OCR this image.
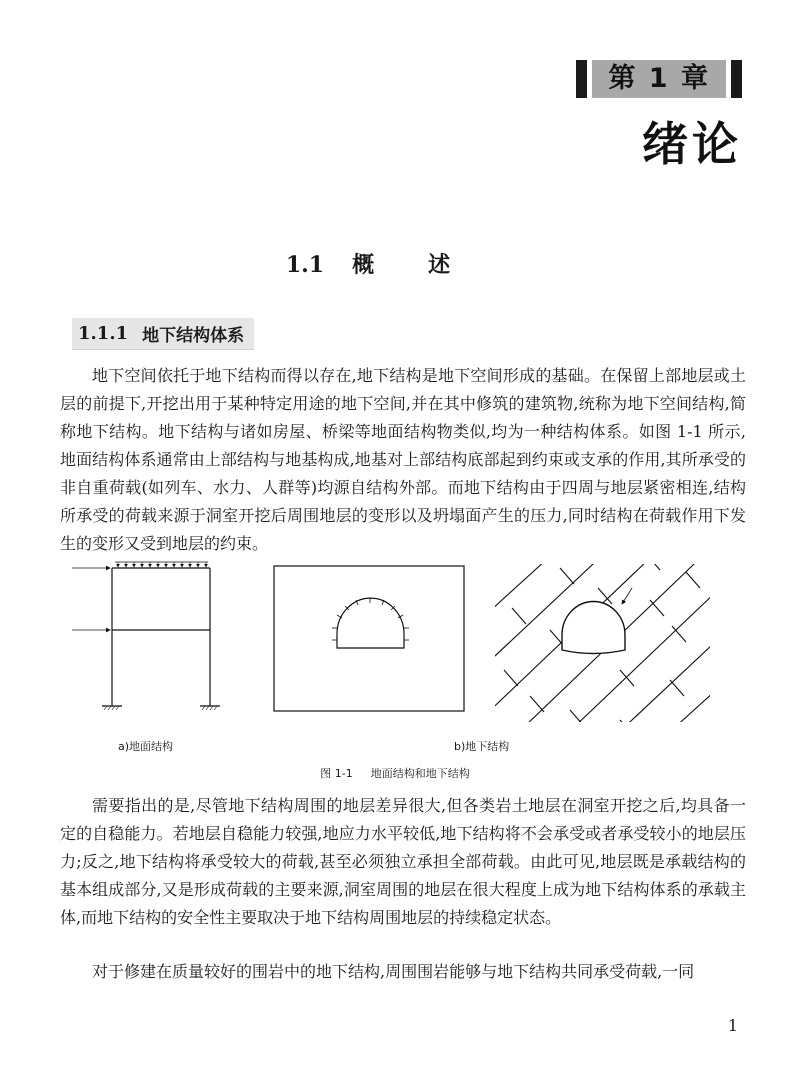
第 1 章
绪论
1.1 概述
1.1.1 地下结构体系

地下空间依托于地下结构而得以存在,地下结构是地下空间形成的基础。在保留上部地层或土层的前提下,开挖出用于某种特定用途的地下空间,并在其中修筑的建筑物,统称为地下空间结构,简称地下结构。地下结构与诸如房屋、桥梁等地面结构物类似,均为一种结构体系。如图 1-1 所示,地面结构体系通常由上部结构与地基构成,地基对上部结构底部起到约束或支承的作用,其所承受的非自重荷载(如列车、水力、人群等)均源自结构外部。而地下结构由于四周与地层紧密相连,结构所承受的荷载来源于洞室开挖后周围地层的变形以及坍塌面产生的压力,同时结构在荷载作用下发生的变形又受到地层的约束。

a)地面结构	b)地下结构
图 1-1 地面结构和地下结构

需要指出的是,尽管地下结构周围的地层差异很大,但各类岩土地层在洞室开挖之后,均具备一定的自稳能力。若地层自稳能力较强,地应力水平较低,地下结构将不会承受或者承受较小的地层压力;反之,地下结构将承受较大的荷载,甚至必须独立承担全部荷载。由此可见,地层既是承载结构的基本组成部分,又是形成荷载的主要来源,洞室周围的地层在很大程度上成为地下结构体系的承载主体,而地下结构的安全性主要取决于地下结构周围地层的持续稳定状态。

对于修建在质量较好的围岩中的地下结构,周围围岩能够与地下结构共同承受荷载,一同

1
